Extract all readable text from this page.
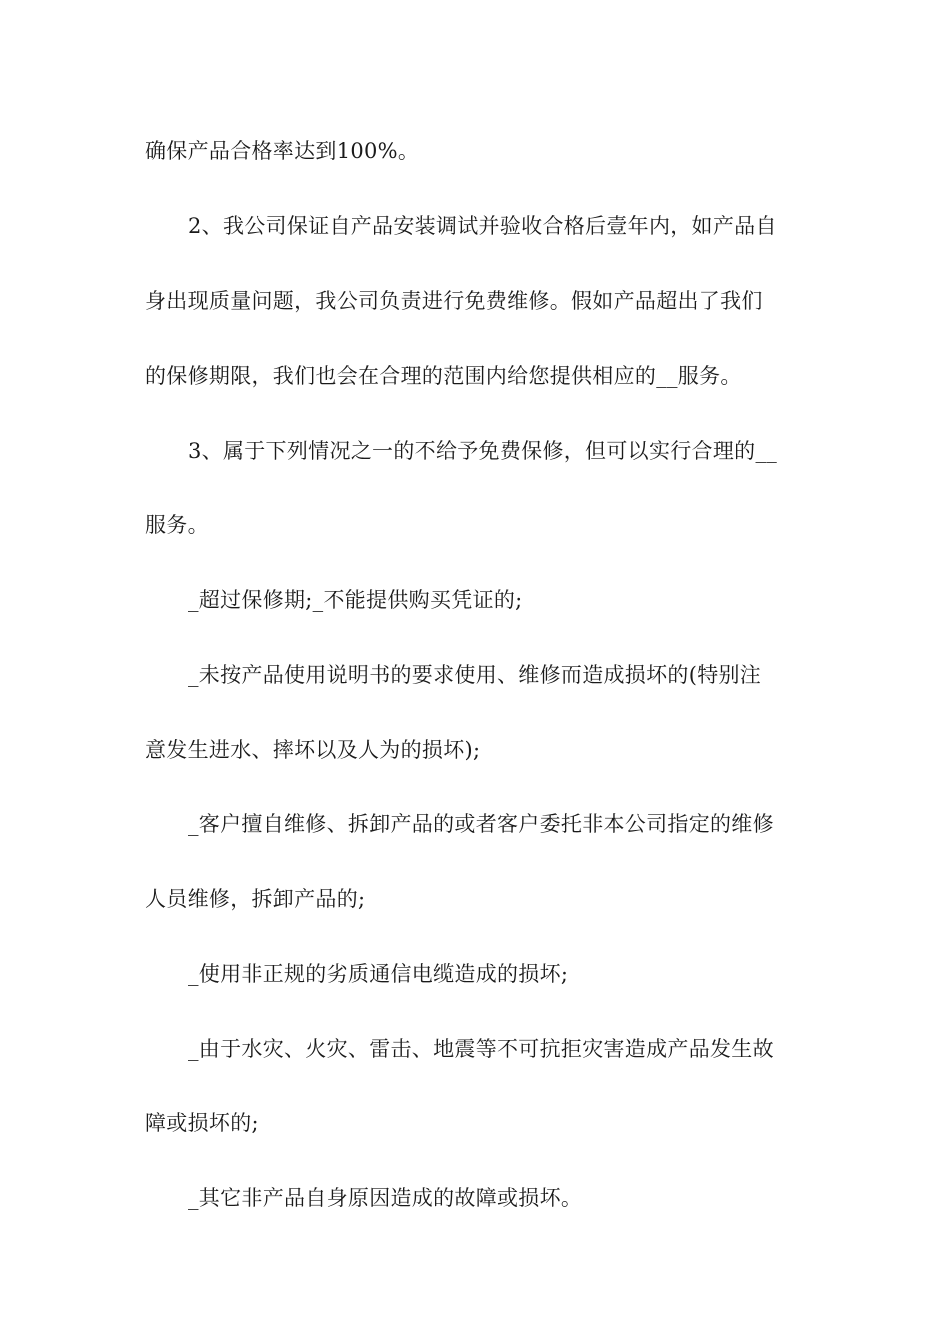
确保产品合格率达到100%。
2、我公司保证自产品安装调试并验收合格后壹年内，如产品自
身出现质量问题，我公司负责进行免费维修。假如产品超出了我们
的保修期限，我们也会在合理的范围内给您提供相应的__服务。
3、属于下列情况之一的不给予免费保修，但可以实行合理的__
服务。
_超过保修期;_不能提供购买凭证的;
_未按产品使用说明书的要求使用、维修而造成损坏的(特别注
意发生进水、摔坏以及人为的损坏);
_客户擅自维修、拆卸产品的或者客户委托非本公司指定的维修
人员维修，拆卸产品的;
_使用非正规的劣质通信电缆造成的损坏;
_由于水灾、火灾、雷击、地震等不可抗拒灾害造成产品发生故
障或损坏的;
_其它非产品自身原因造成的故障或损坏。
